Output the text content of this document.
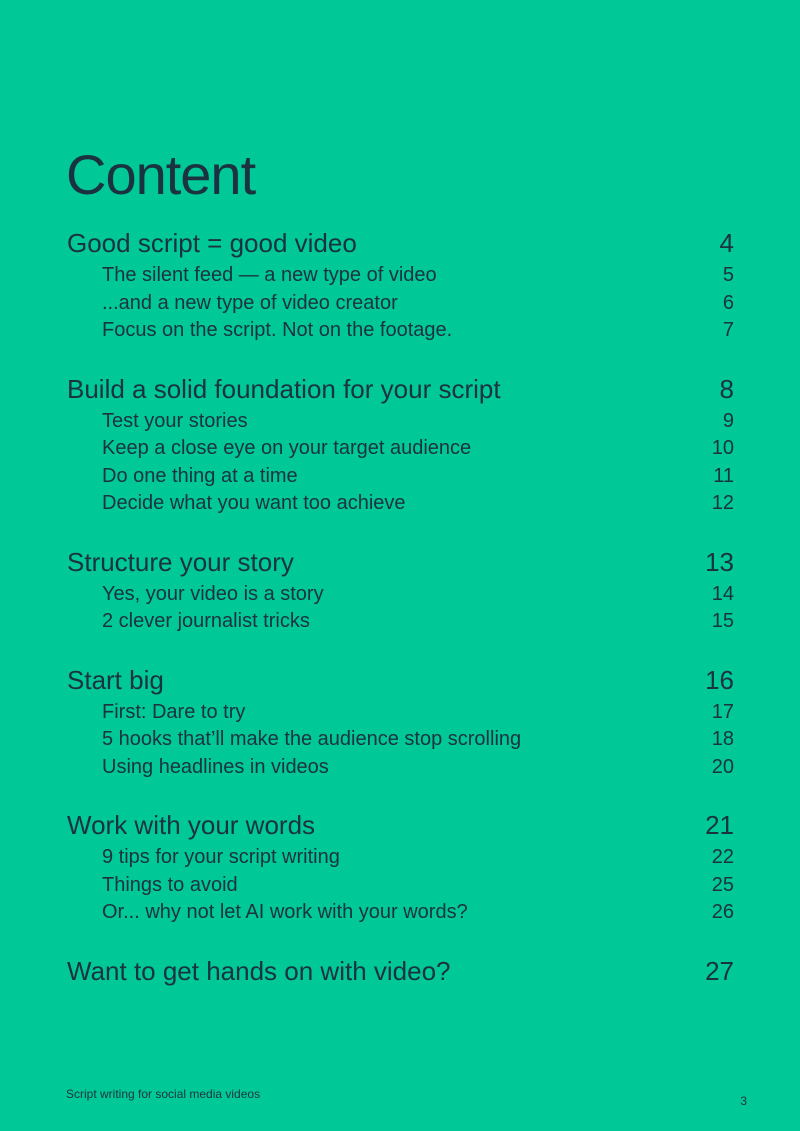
Content
Good script = good video	4
The silent feed — a new type of video	5
...and a new type of video creator	6
Focus on the script. Not on the footage.	7
Build a solid foundation for your script	8
Test your stories	9
Keep a close eye on your target audience	10
Do one thing at a time	11
Decide what you want too achieve	12
Structure your story	13
Yes, your video is a story	14
2 clever journalist tricks	15
Start big	16
First: Dare to try	17
5 hooks that’ll make the audience stop scrolling	18
Using headlines in videos	20
Work with your words	21
9 tips for your script writing	22
Things to avoid	25
Or... why not let AI work with your words?	26
Want to get hands on with video?	27
Script writing for social media videos	3
